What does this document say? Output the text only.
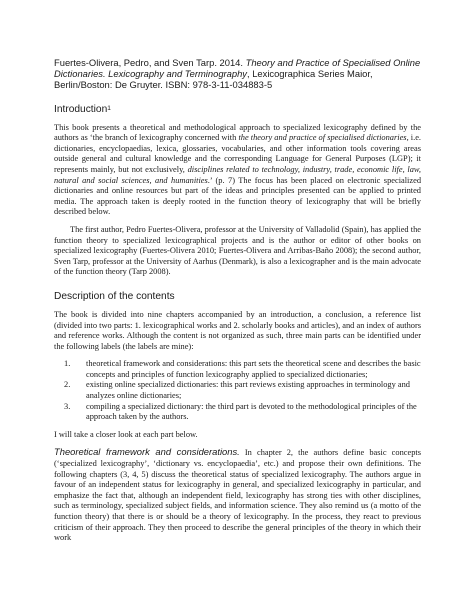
Fuertes-Olivera, Pedro, and Sven Tarp. 2014. Theory and Practice of Specialised Online Dictionaries. Lexicography and Terminography, Lexicographica Series Maior, Berlin/Boston: De Gruyter. ISBN: 978-3-11-034883-5

Introduction$^1$

This book presents a theoretical and methodological approach to specialized lexicography defined by the authors as ‘the branch of lexicography concerned with the theory and practice of specialised dictionaries, i.e. dictionaries, encyclopaedias, lexica, glossaries, vocabularies, and other information tools covering areas outside general and cultural knowledge and the corresponding Language for General Purposes (LGP); it represents mainly, but not exclusively, disciplines related to technology, industry, trade, economic life, law, natural and social sciences, and humanities.’ (p. 7) The focus has been placed on electronic specialized dictionaries and online resources but part of the ideas and principles presented can be applied to printed media. The approach taken is deeply rooted in the function theory of lexicography that will be briefly described below.

The first author, Pedro Fuertes-Olivera, professor at the University of Valladolid (Spain), has applied the function theory to specialized lexicographical projects and is the author or editor of other books on specialized lexicography (Fuertes-Olivera 2010; Fuertes-Olivera and Arribas-Baño 2008); the second author, Sven Tarp, professor at the University of Aarhus (Denmark), is also a lexicographer and is the main advocate of the function theory (Tarp 2008).

Description of the contents

The book is divided into nine chapters accompanied by an introduction, a conclusion, a reference list (divided into two parts: 1. lexicographical works and 2. scholarly books and articles), and an index of authors and reference works. Although the content is not organized as such, three main parts can be identified under the following labels (the labels are mine):

1. theoretical framework and considerations: this part sets the theoretical scene and describes the basic concepts and principles of function lexicography applied to specialized dictionaries;
2. existing online specialized dictionaries: this part reviews existing approaches in terminology and analyzes online dictionaries;
3. compiling a specialized dictionary: the third part is devoted to the methodological principles of the approach taken by the authors.

I will take a closer look at each part below.

Theoretical framework and considerations. In chapter 2, the authors define basic concepts (‘specialized lexicography’, ‘dictionary vs. encyclopaedia’, etc.) and propose their own definitions. The following chapters (3, 4, 5) discuss the theoretical status of specialized lexicography. The authors argue in favour of an independent status for lexicography in general, and specialized lexicography in particular, and emphasize the fact that, although an independent field, lexicography has strong ties with other disciplines, such as terminology, specialized subject fields, and information science. They also remind us (a motto of the function theory) that there is or should be a theory of lexicography. In the process, they react to previous criticism of their approach. They then proceed to describe the general principles of the theory in which their work
